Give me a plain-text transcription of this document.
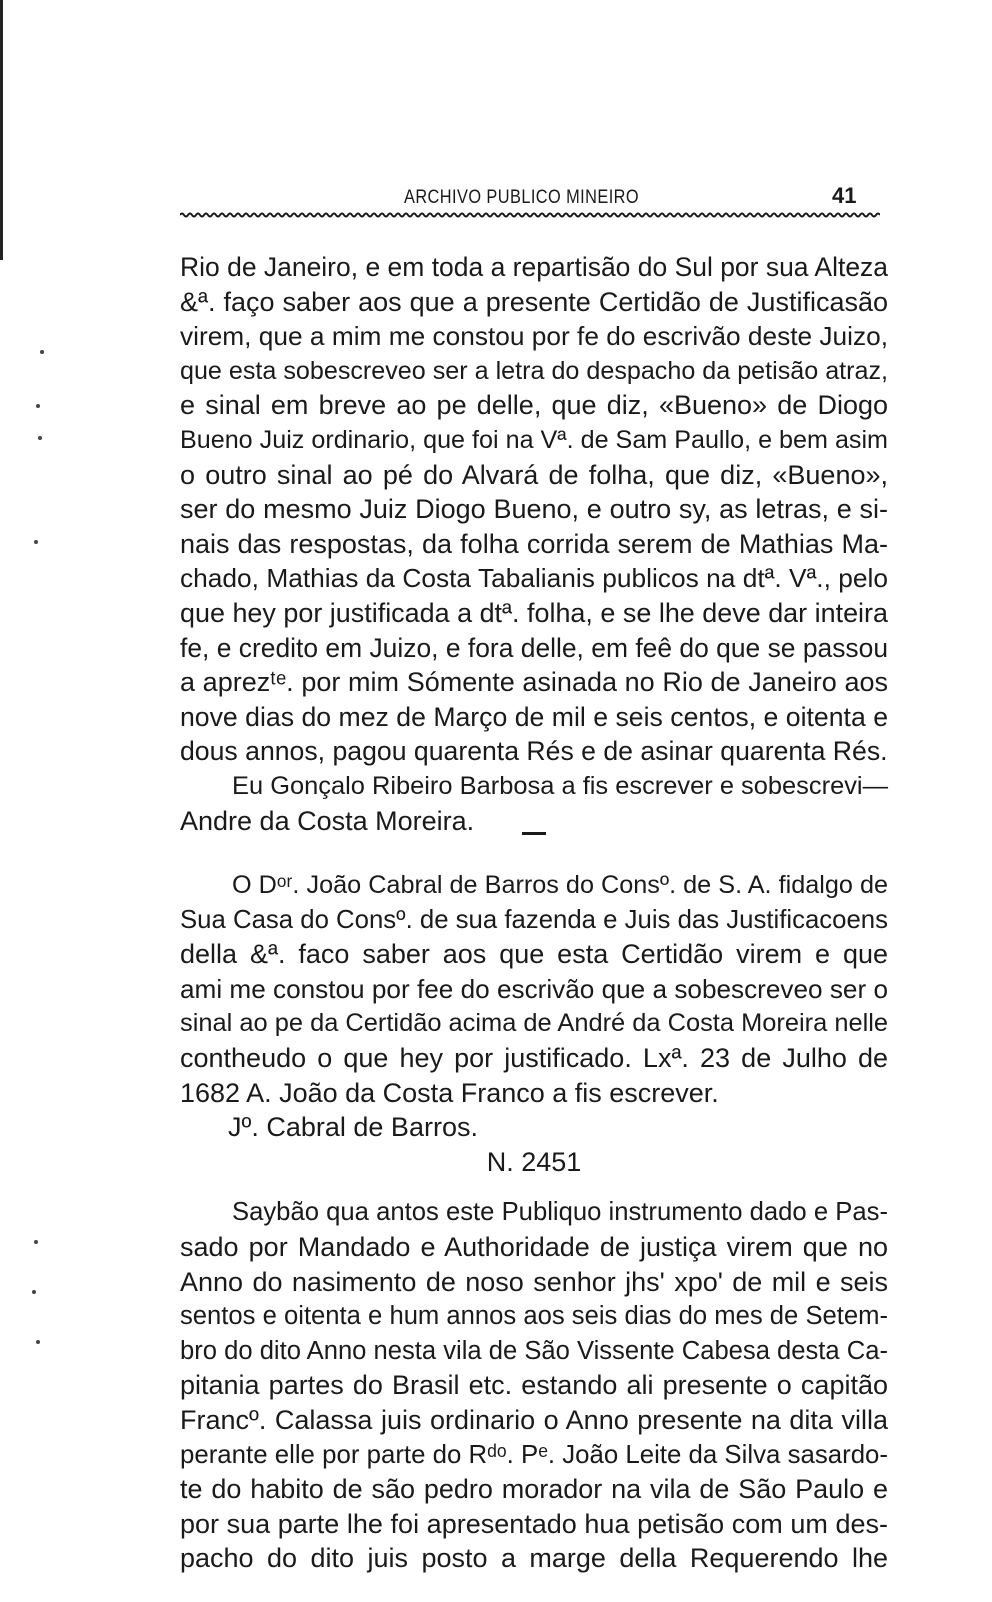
ARCHIVO PUBLICO MINEIRO	41
Rio de Janeiro, e em toda a repartisão do Sul por sua Alteza
&ª. faço saber aos que a presente Certidão de Justificasão
virem, que a mim me constou por fe do escrivão deste Juizo,
que esta sobescreveo ser a letra do despacho da petisão atraz,
e sinal em breve ao pe delle, que diz, «Bueno» de Diogo
Bueno Juiz ordinario, que foi na Vª. de Sam Paullo, e bem asim
o outro sinal ao pé do Alvará de folha, que diz, «Bueno»,
ser do mesmo Juiz Diogo Bueno, e outro sy, as letras, e si-
nais das respostas, da folha corrida serem de Mathias Ma-
chado, Mathias da Costa Tabalianis publicos na dtª. Vª., pelo
que hey por justificada a dtª. folha, e se lhe deve dar inteira
fe, e credito em Juizo, e fora delle, em feê do que se passou
a aprezᵗᵉ. por mim Sómente asinada no Rio de Janeiro aos
nove dias do mez de Março de mil e seis centos, e oitenta e
dous annos, pagou quarenta Rés e de asinar quarenta Rés.
Eu Gonçalo Ribeiro Barbosa a fis escrever e sobescrevi—
Andre da Costa Moreira.
O Dᵒʳ. João Cabral de Barros do Consº. de S. A. fidalgo de
Sua Casa do Consº. de sua fazenda e Juis das Justificacoens
della &ª. faco saber aos que esta Certidão virem e que
ami me constou por fee do escrivão que a sobescreveo ser o
sinal ao pe da Certidão acima de André da Costa Moreira nelle
contheudo o que hey por justificado. Lxª. 23 de Julho de
1682 A. João da Costa Franco a fis escrever.
Jº. Cabral de Barros.
N. 2451
Saybão qua antos este Publiquo instrumento dado e Pas-
sado por Mandado e Authoridade de justiça virem que no
Anno do nasimento de noso senhor jhs' xpo' de mil e seis
sentos e oitenta e hum annos aos seis dias do mes de Setem-
bro do dito Anno nesta vila de São Vissente Cabesa desta Ca-
pitania partes do Brasil etc. estando ali presente o capitão
Francº. Calassa juis ordinario o Anno presente na dita villa
perante elle por parte do Rᵈᵒ. Pᵉ. João Leite da Silva sasardo-
te do habito de são pedro morador na vila de São Paulo e
por sua parte lhe foi apresentado hua petisão com um des-
pacho do dito juis posto a marge della Requerendo lhe
